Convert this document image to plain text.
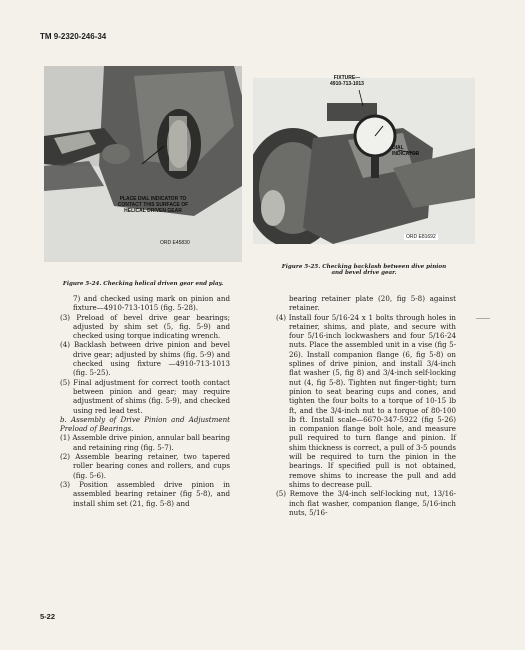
TM 9-2320-246-34
PLACE DIAL INDICATOR TO
CONTACT THIS SURFACE OF
HELICAL DRIVEN GEAR
ORD E45830
Figure 5-24. Checking helical driven gear end play.
FIXTURE—
4910-713-1013
DIAL
INDICATOR
ORD E81692
Figure 5-25. Checking backlash between dive pinion
and bevel drive gear.

7) and checked using mark on pinion and fixture—4910-713-1015 (fig. 5-28).

(3) Preload of bevel drive gear bearings; adjusted by shim set (5, fig. 5-9) and checked using torque indicating wrench.

(4) Backlash between drive pinion and bevel drive gear; adjusted by shims (fig. 5-9) and checked using fixture —4910-713-1013 (fig. 5-25).

(5) Final adjustment for correct tooth contact between pinion and gear; may require adjustment of shims (fig. 5-9), and checked using red lead test.

b. Assembly of Drive Pinion and Adjustment Preload of Bearings.

(1) Assemble drive pinion, annular ball bearing and retaining ring (fig. 5-7).

(2) Assemble bearing retainer, two tapered roller bearing cones and rollers, and cups (fig. 5-6).

(3) Position assembled drive pinion in assembled bearing retainer (fig 5-8), and install shim set (21, fig. 5-8) and

bearing retainer plate (20, fig 5-8) against retainer.

(4) Install four 5/16-24 x 1 bolts through holes in retainer, shims, and plate, and secure with four 5/16-inch lockwashers and four 5/16-24 nuts. Place the assembled unit in a vise (fig 5-26). Install companion flange (6, fig 5-8) on splines of drive pinion, and install 3/4-inch flat washer (5, fig 8) and 3/4-inch self-locking nut (4, fig 5-8). Tighten nut finger-tight; turn pinion to seat bearing cups and cones, and tighten the four bolts to a torque of 10-15 lb ft, and the 3/4-inch nut to a torque of 80-100 lb ft. Install scale—6670-347-5922 (fig 5-26) in companion flange bolt hole, and measure pull required to turn flange and pinion. If shim thickness is correct, a pull of 3-5 pounds will be required to turn the pinion in the bearings. If specified pull is not obtained, remove shims to increase the pull and add shims to decrease pull.

(5) Remove the 3/4-inch self-locking nut, 13/16-inch flat washer, companion flange, 5/16-inch nuts, 5/16-

5-22
